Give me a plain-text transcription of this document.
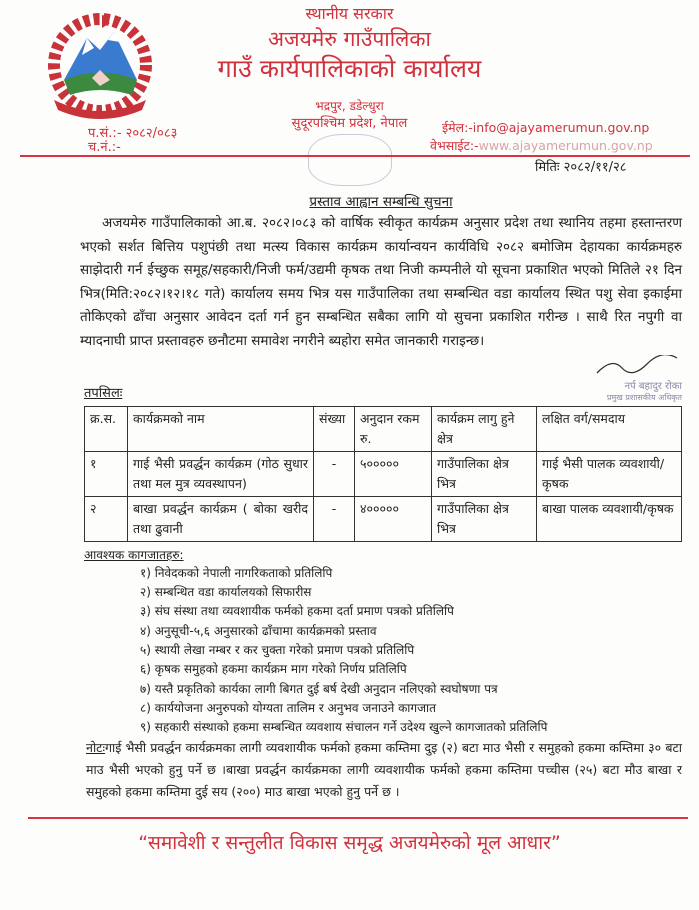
स्थानीय सरकार
अजयमेरु गाउँपालिका
गाउँ कार्यपालिकाको कार्यालय
भद्रपुर, डडेल्धुरा
सुदूरपश्चिम प्रदेश, नेपाल
प.सं.:- २०८२/०८३
च.नं.:-
ईमेल:-info@ajayamerumun.gov.np
वेभसाईट:-www.ajayamerumun.gov.np
मितिः २०८२/११/२८
प्रस्ताव आह्वान सम्बन्धि सुचना
अजयमेरु गाउँपालिकाको आ.ब. २०८२।०८३ को वार्षिक स्वीकृत कार्यक्रम अनुसार प्रदेश तथा स्थानिय तहमा हस्तान्तरण भएको सर्शत बित्तिय पशुपंछी तथा मत्स्य विकास कार्यक्रम कार्यान्वयन कार्यविधि २०८२ बमोजिम देहायका कार्यक्रमहरु साझेदारी गर्न ईच्छुक समूह/सहकारी/निजी फर्म/उद्यमी कृषक तथा निजी कम्पनीले यो सूचना प्रकाशित भएको मितिले २१ दिन भित्र(मिति:२०८२।१२।१८ गते) कार्यालय समय भित्र यस गाउँपालिका तथा सम्बन्धित वडा कार्यालय स्थित पशु सेवा इकाईमा तोकिएको ढाँचा अनुसार आवेदन दर्ता गर्न हुन सम्बन्धित सबैका लागि यो सुचना प्रकाशित गरीन्छ । साथै रित नपुगी वा म्यादनाघी प्राप्त प्रस्तावहरु छनौटमा समावेश नगरीने ब्यहोरा समेत जानकारी गराइन्छ।
तपसिलः	नर्प बहादुर रोका
प्रमुख प्रशासकीय अधिकृत
क्र.स.	कार्यक्रमको नाम	संख्या	अनुदान रकम रु.	कार्यक्रम लागु हुने क्षेत्र	लक्षित वर्ग/समदाय
१	गाई भैसी प्रवर्द्धन कार्यक्रम (गोठ सुधार तथा मल मुत्र व्यवस्थापन)	-	५०००००	गाउँपालिका क्षेत्र भित्र	गाई भैसी पालक व्यवशायी/कृषक
२	बाखा प्रवर्द्धन कार्यक्रम ( बोका खरीद तथा ढुवानी	-	४०००००	गाउँपालिका क्षेत्र भित्र	बाखा पालक व्यवशायी/कृषक
आवश्यक कागजातहरु:
१) निवेदकको नेपाली नागरिकताको प्रतिलिपि
२) सम्बन्धित वडा कार्यालयको सिफारीस
३) संघ संस्था तथा व्यवशायीक फर्मको हकमा दर्ता प्रमाण पत्रको प्रतिलिपि
४) अनुसूची-५,६ अनुसारको ढाँचामा कार्यक्रमको प्रस्ताव
५) स्थायी लेखा नम्बर र कर चुक्ता गरेको प्रमाण पत्रको प्रतिलिपि
६) कृषक समुहको हकमा कार्यक्रम माग गरेको निर्णय प्रतिलिपि
७) यस्तै प्रकृतिको कार्यका लागी बिगत दुई बर्ष देखी अनुदान नलिएको स्वघोषणा पत्र
८) कार्ययोजना अनुरुपको योग्यता तालिम र अनुभव जनाउने कागजात
९) सहकारी संस्थाको हकमा सम्बन्धित व्यवशाय संचालन गर्ने उदेश्य खुल्ने कागजातको प्रतिलिपि
नोटःगाई भैसी प्रवर्द्धन कार्यक्रमका लागी व्यवशायीक फर्मको हकमा कम्तिमा दुइ (२) बटा माउ भैसी र समुहको हकमा कम्तिमा ३० बटा माउ भैसी भएको हुनु पर्ने छ ।बाखा प्रवर्द्धन कार्यक्रमका लागी व्यवशायीक फर्मको हकमा कम्तिमा पच्चीस (२५) बटा मौउ बाखा र समुहको हकमा कम्तिमा दुई सय (२००) माउ बाखा भएको हुनु पर्ने छ ।
“समावेशी र सन्तुलीत विकास समृद्ध अजयमेरुको मूल आधार”
